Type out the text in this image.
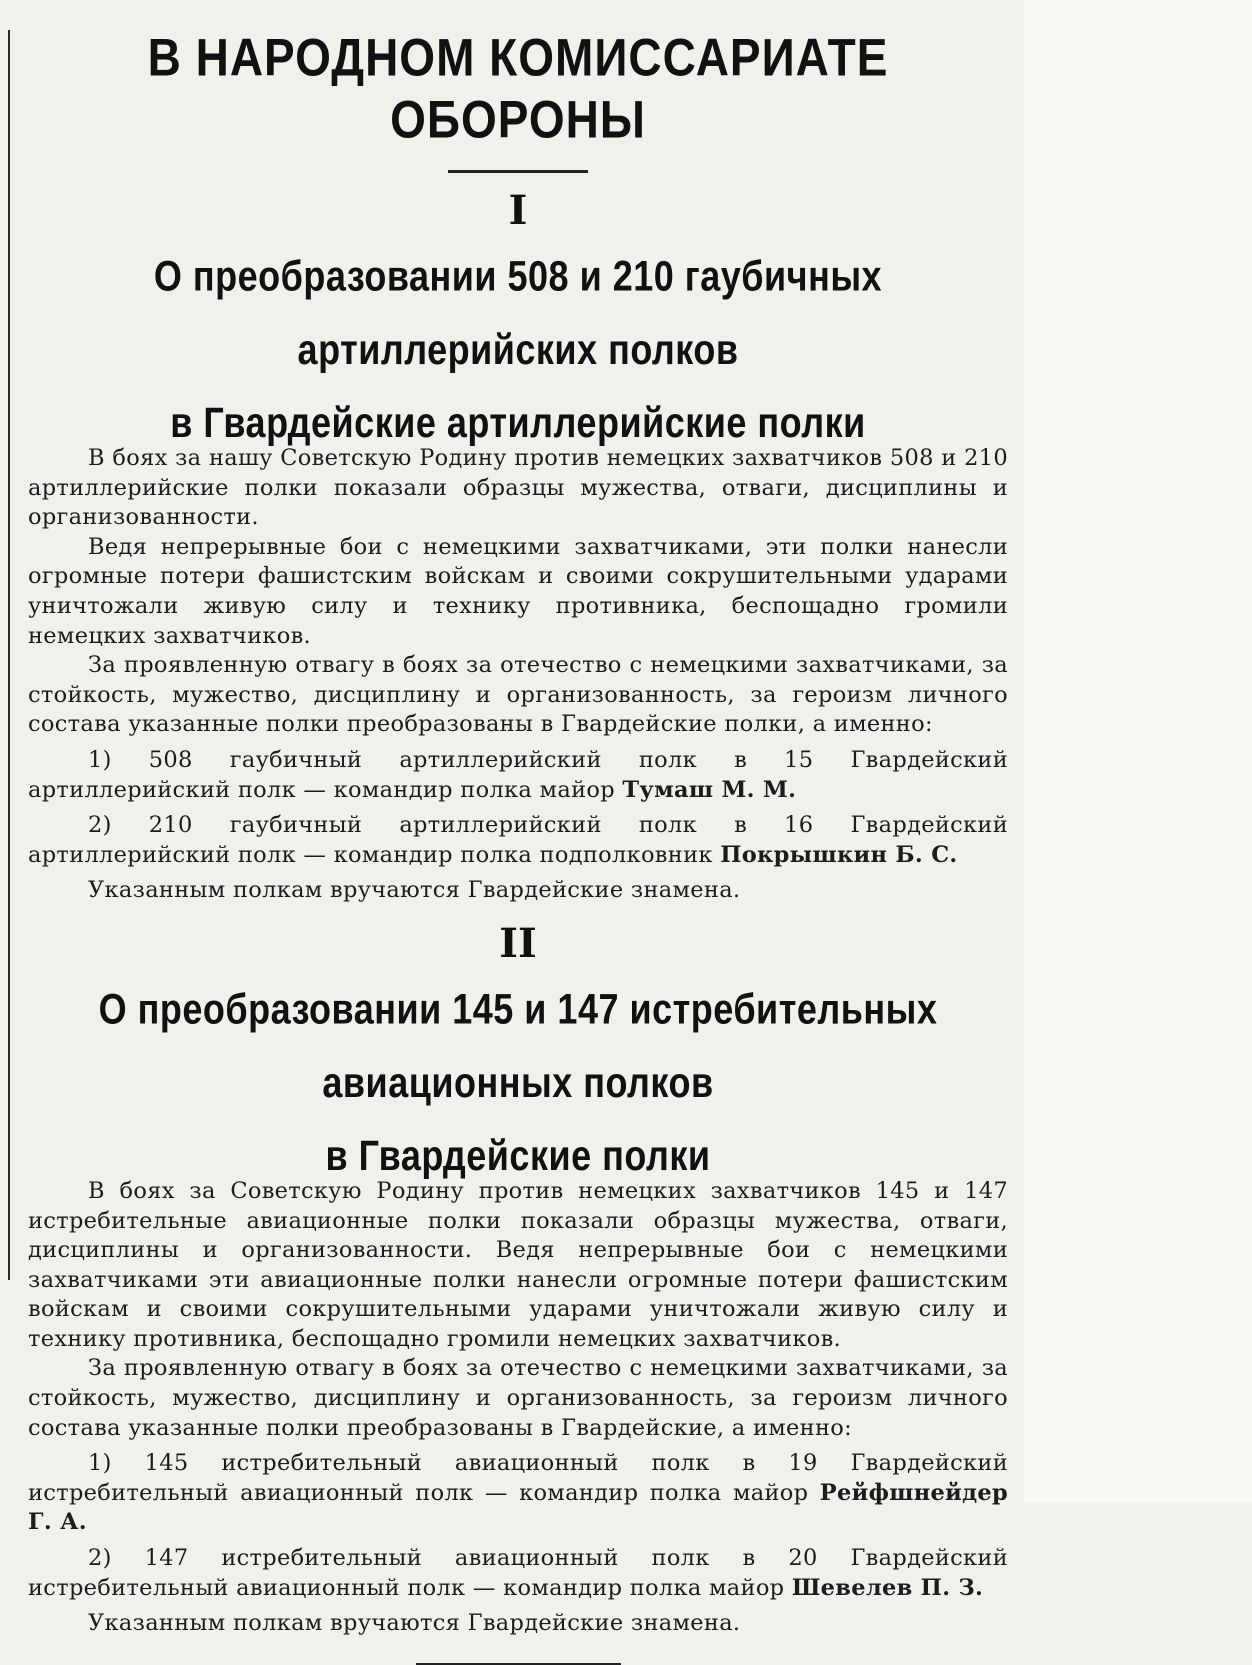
В НАРОДНОМ КОМИССАРИАТЕ ОБОРОНЫ
I
О преобразовании 508 и 210 гаубичных артиллерийских полков
в Гвардейские артиллерийские полки

В боях за нашу Советскую Родину против немецких захватчиков 508 и 210 артиллерийские полки показали образцы мужества, отваги, дисциплины и организованности.

Ведя непрерывные бои с немецкими захватчиками, эти полки нанесли огромные потери фашистским войскам и своими сокрушительными ударами уничтожали живую силу и технику противника, беспощадно громили немецких захватчиков.

За проявленную отвагу в боях за отечество с немецкими захватчиками, за стойкость, мужество, дисциплину и организованность, за героизм личного состава указанные полки преобразованы в Гвардейские полки, а именно:

1) 508 гаубичный артиллерийский полк в 15 Гвардейский артиллерийский полк — командир полка майор Тумаш М. М.

2) 210 гаубичный артиллерийский полк в 16 Гвардейский артиллерийский полк — командир полка подполковник Покрышкин Б. С.

Указанным полкам вручаются Гвардейские знамена.

II
О преобразовании 145 и 147 истребительных авиационных полков
в Гвардейские полки

В боях за Советскую Родину против немецких захватчиков 145 и 147 истребительные авиационные полки показали образцы мужества, отваги, дисциплины и организованности. Ведя непрерывные бои с немецкими захватчиками эти авиационные полки нанесли огромные потери фашистским войскам и своими сокрушительными ударами уничтожали живую силу и технику противника, беспощадно громили немецких захватчиков.

За проявленную отвагу в боях за отечество с немецкими захватчиками, за стойкость, мужество, дисциплину и организованность, за героизм личного состава указанные полки преобразованы в Гвардейские, а именно:

1) 145 истребительный авиационный полк в 19 Гвардейский истребительный авиационный полк — командир полка майор Рейфшнейдер Г. А.

2) 147 истребительный авиационный полк в 20 Гвардейский истребительный авиационный полк — командир полка майор Шевелев П. З.

Указанным полкам вручаются Гвардейские знамена.
